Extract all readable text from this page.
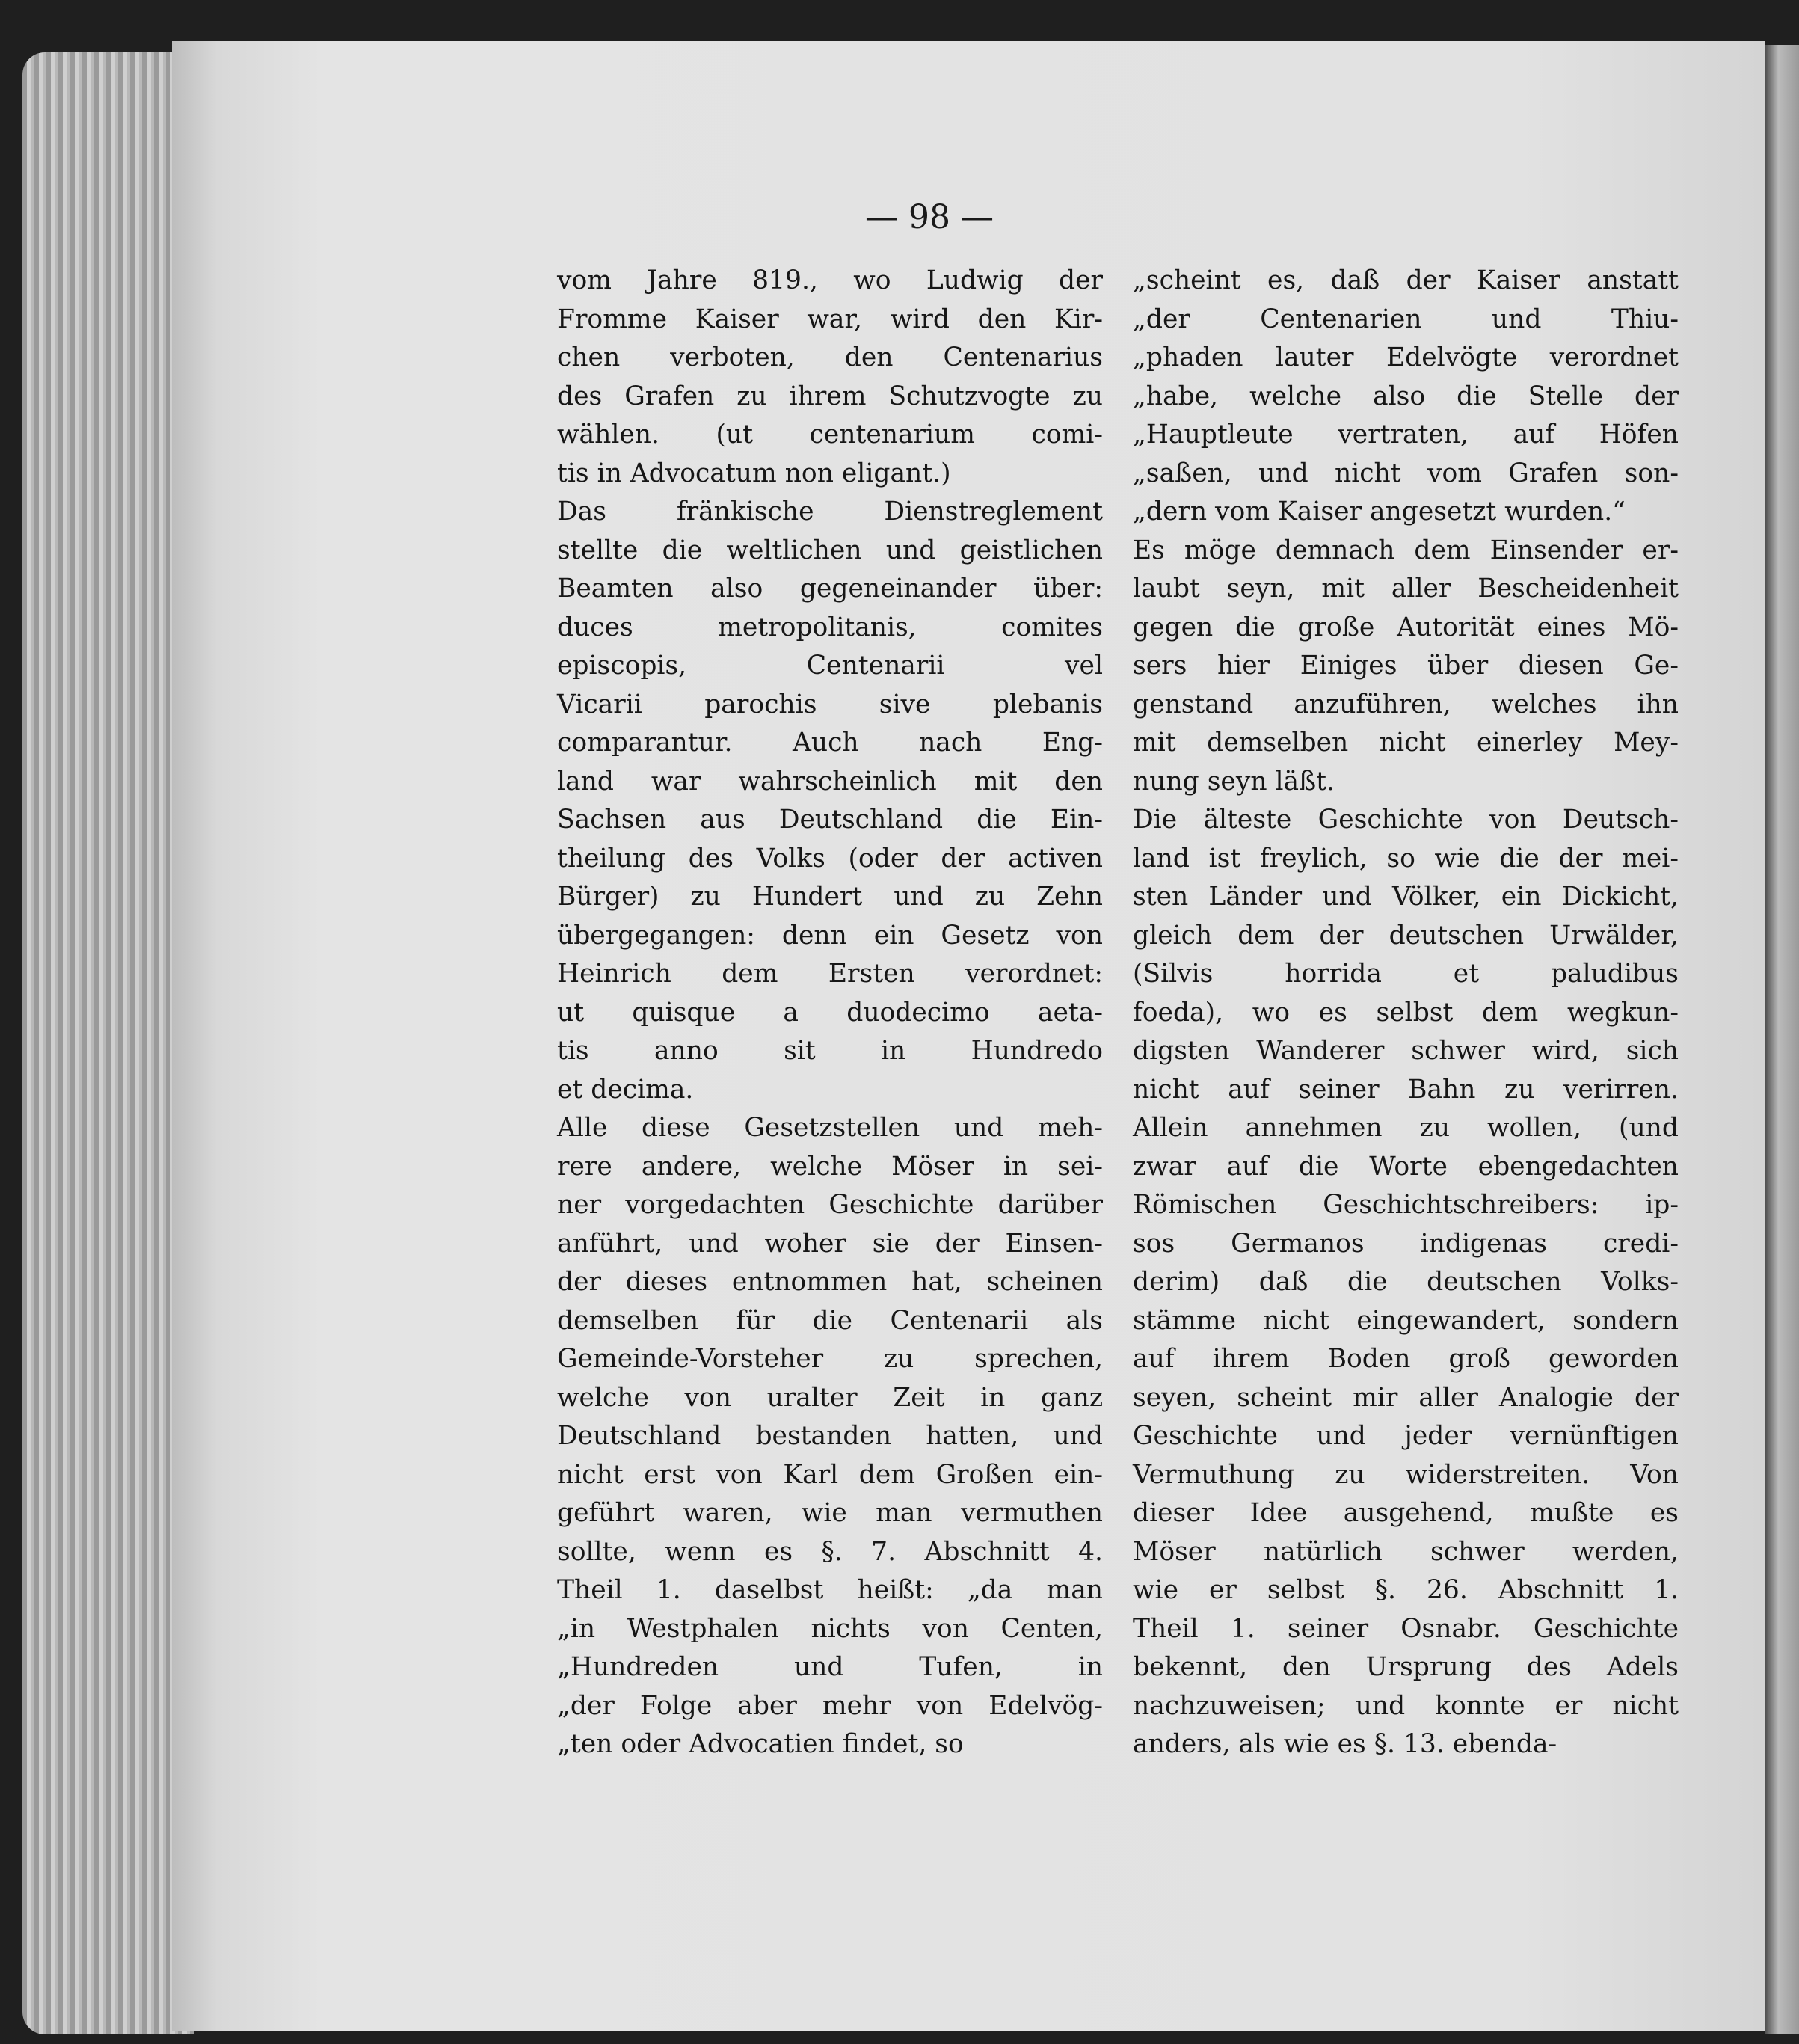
— 98 —
vom Jahre 819., wo Ludwig der
Fromme Kaiser war, wird den Kir-
chen verboten, den Centenarius
des Grafen zu ihrem Schutzvogte zu
wählen. (ut centenarium comi-
tis in Advocatum non eligant.)
Das fränkische Dienstreglement
stellte die weltlichen und geistlichen
Beamten also gegeneinander über:
duces metropolitanis, comites
episcopis, Centenarii vel
Vicarii parochis sive plebanis
comparantur. Auch nach Eng-
land war wahrscheinlich mit den
Sachsen aus Deutschland die Ein-
theilung des Volks (oder der activen
Bürger) zu Hundert und zu Zehn
übergegangen: denn ein Gesetz von
Heinrich dem Ersten verordnet:
ut quisque a duodecimo aeta-
tis anno sit in Hundredo
et decima.
Alle diese Gesetzstellen und meh-
rere andere, welche Möser in sei-
ner vorgedachten Geschichte darüber
anführt, und woher sie der Einsen-
der dieses entnommen hat, scheinen
demselben für die Centenarii als
Gemeinde-Vorsteher zu sprechen,
welche von uralter Zeit in ganz
Deutschland bestanden hatten, und
nicht erst von Karl dem Großen ein-
geführt waren, wie man vermuthen
sollte, wenn es §. 7. Abschnitt 4.
Theil 1. daselbst heißt: „da man
„in Westphalen nichts von Centen,
„Hundreden und Tufen, in
„der Folge aber mehr von Edelvög-
„ten oder Advocatien findet, so
„scheint es, daß der Kaiser anstatt
„der Centenarien und Thiu-
„phaden lauter Edelvögte verordnet
„habe, welche also die Stelle der
„Hauptleute vertraten, auf Höfen
„saßen, und nicht vom Grafen son-
„dern vom Kaiser angesetzt wurden.“
Es möge demnach dem Einsender er-
laubt seyn, mit aller Bescheidenheit
gegen die große Autorität eines Mö-
sers hier Einiges über diesen Ge-
genstand anzuführen, welches ihn
mit demselben nicht einerley Mey-
nung seyn läßt.
Die älteste Geschichte von Deutsch-
land ist freylich, so wie die der mei-
sten Länder und Völker, ein Dickicht,
gleich dem der deutschen Urwälder,
(Silvis horrida et paludibus
foeda), wo es selbst dem wegkun-
digsten Wanderer schwer wird, sich
nicht auf seiner Bahn zu verirren.
Allein annehmen zu wollen, (und
zwar auf die Worte ebengedachten
Römischen Geschichtschreibers: ip-
sos Germanos indigenas credi-
derim) daß die deutschen Volks-
stämme nicht eingewandert, sondern
auf ihrem Boden groß geworden
seyen, scheint mir aller Analogie der
Geschichte und jeder vernünftigen
Vermuthung zu widerstreiten. Von
dieser Idee ausgehend, mußte es
Möser natürlich schwer werden,
wie er selbst §. 26. Abschnitt 1.
Theil 1. seiner Osnabr. Geschichte
bekennt, den Ursprung des Adels
nachzuweisen; und konnte er nicht
anders, als wie es §. 13. ebenda-
